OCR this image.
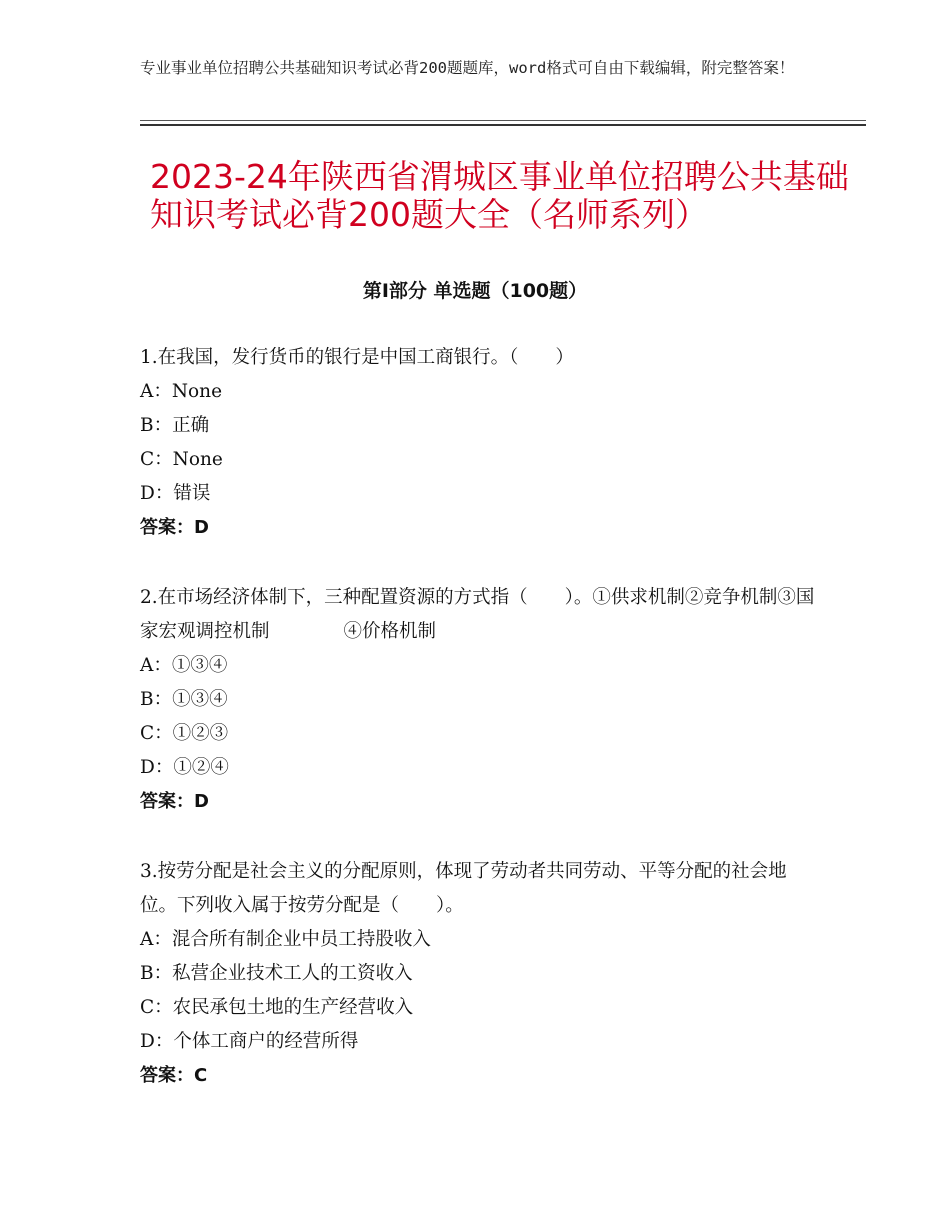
专业事业单位招聘公共基础知识考试必背200题题库，word格式可自由下载编辑，附完整答案！
2023-24年陕西省渭城区事业单位招聘公共基础知识考试必背200题大全（名师系列）
第Ⅰ部分 单选题（100题）

1.在我国，发行货币的银行是中国工商银行。（　　）

A：None

B：正确

C：None

D：错误

答案：D

2.在市场经济体制下，三种配置资源的方式指（　　）。①供求机制②竞争机制③国家宏观调控机制　　　　④价格机制

A：①③④

B：①③④

C：①②③

D：①②④

答案：D

3.按劳分配是社会主义的分配原则，体现了劳动者共同劳动、平等分配的社会地位。下列收入属于按劳分配是（　　）。

A：混合所有制企业中员工持股收入

B：私营企业技术工人的工资收入

C：农民承包土地的生产经营收入

D：个体工商户的经营所得

答案：C
